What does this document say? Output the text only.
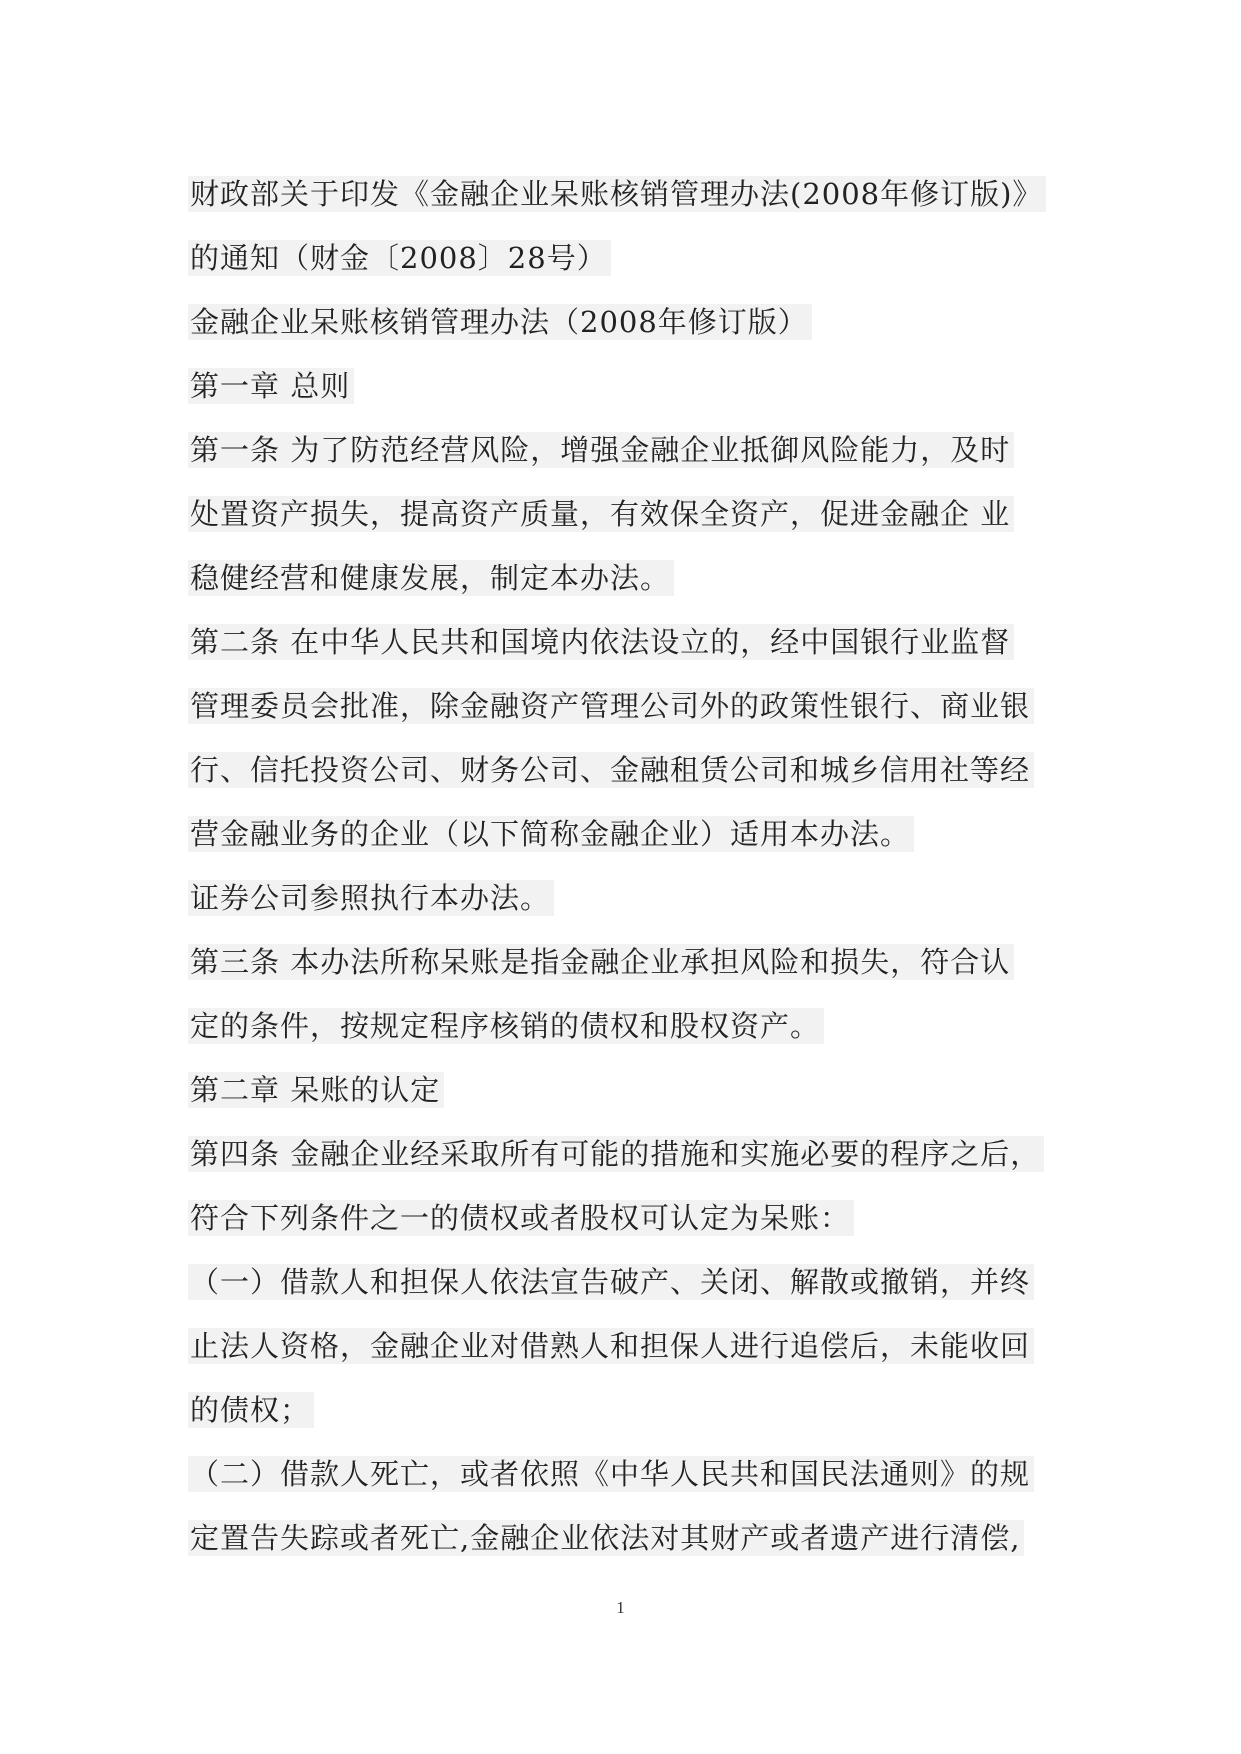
财政部关于印发《金融企业呆账核销管理办法(2008年修订版)》
的通知（财金〔2008〕28号）
金融企业呆账核销管理办法（2008年修订版）
第一章 总则
第一条 为了防范经营风险，增强金融企业抵御风险能力，及时
处置资产损失，提高资产质量，有效保全资产，促进金融企 业
稳健经营和健康发展，制定本办法。
第二条 在中华人民共和国境内依法设立的，经中国银行业监督
管理委员会批准，除金融资产管理公司外的政策性银行、商业银
行、信托投资公司、财务公司、金融租赁公司和城乡信用社等经
营金融业务的企业（以下简称金融企业）适用本办法。
证券公司参照执行本办法。
第三条 本办法所称呆账是指金融企业承担风险和损失，符合认
定的条件，按规定程序核销的债权和股权资产。
第二章 呆账的认定
第四条 金融企业经采取所有可能的措施和实施必要的程序之后，
符合下列条件之一的债权或者股权可认定为呆账：
（一）借款人和担保人依法宣告破产、关闭、解散或撤销，并终
止法人资格，金融企业对借熟人和担保人进行追偿后，未能收回
的债权；
（二）借款人死亡，或者依照《中华人民共和国民法通则》的规
定置告失踪或者死亡,金融企业依法对其财产或者遗产进行清偿,
1
